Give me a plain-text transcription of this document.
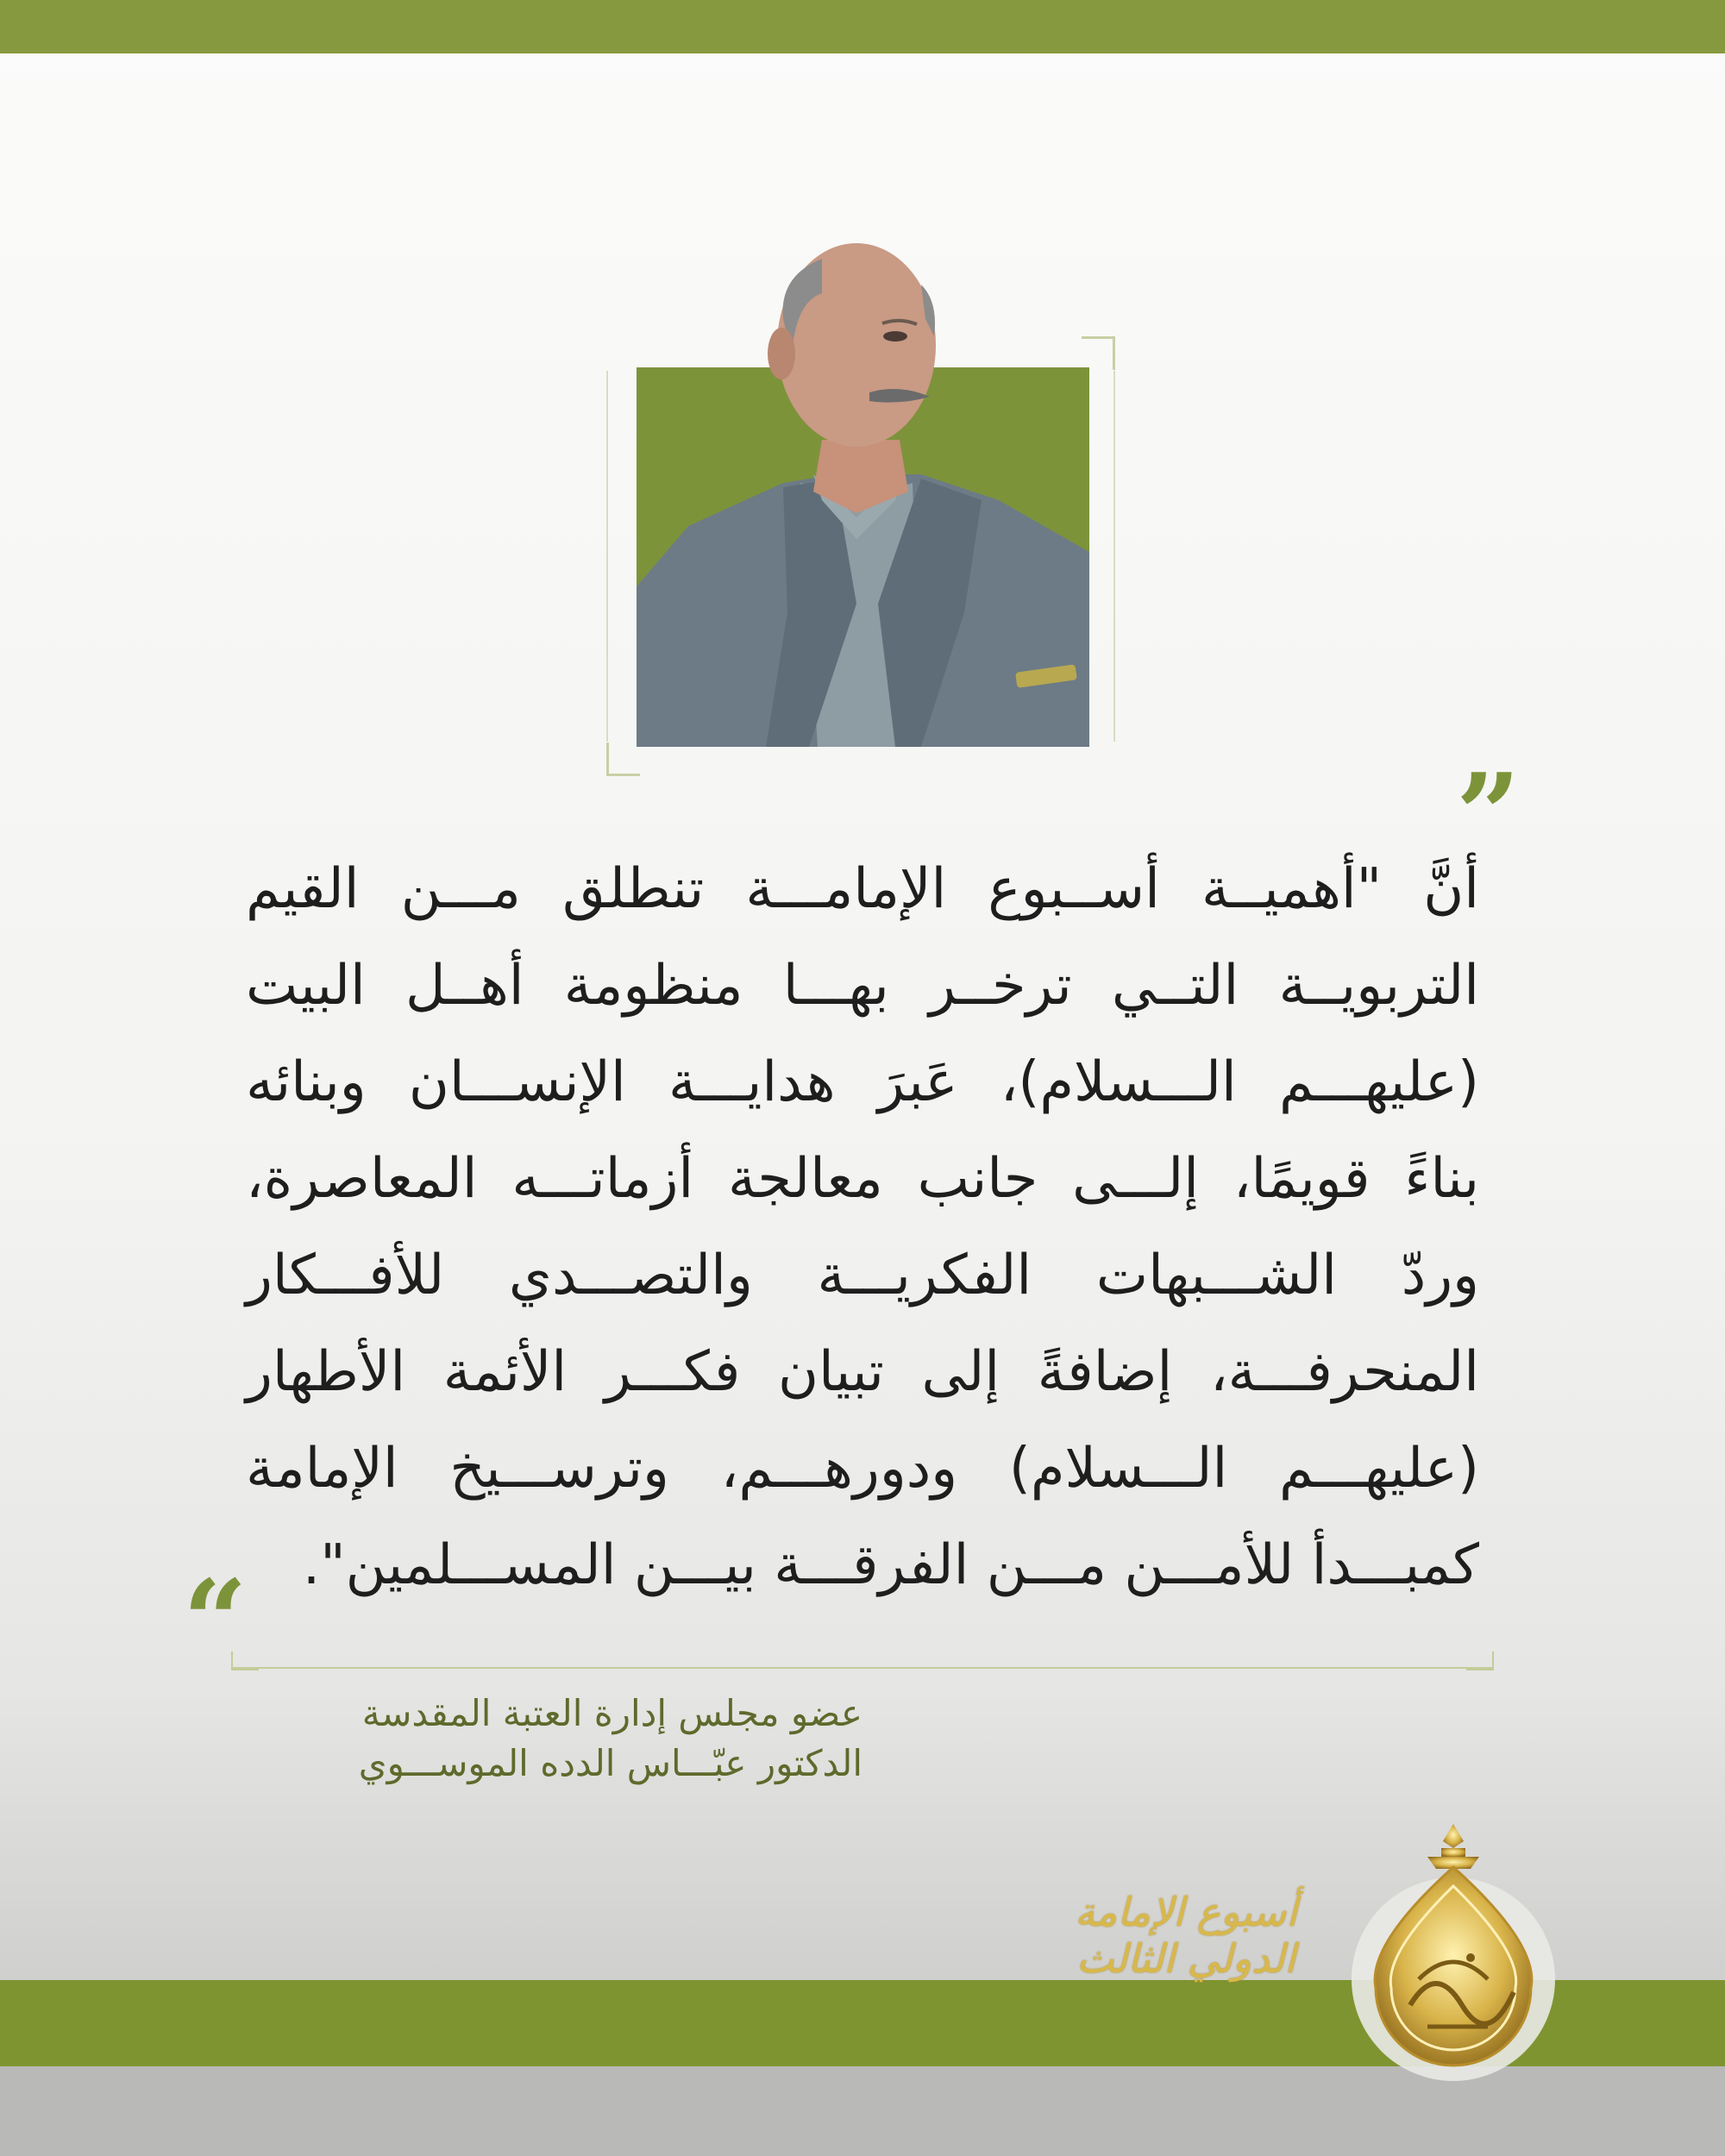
”
أنَّ "أهميــة أســبوع الإمامـــة تنطلق مـــن القيم
التربويــة التــي ترخــر بهـــا منظومة أهــل البيت
(عليهـــم الـــسلام)، عَبرَ هدايـــة الإنســـان وبنائه
بناءً قويمًا، إلـــى جانب معالجة أزماتـــه المعاصرة،
وردّ الشـــبهات الفكريـــة والتصـــدي للأفـــكار
المنحرفـــة، إضافةً إلى تبيان فكـــر الأئمة الأطهار
(عليهـــم الـــسلام) ودورهـــم، وترســـيخ الإمامة
كمبـــدأ للأمـــن مـــن الفرقـــة بيـــن المســـلمين".
“
عضو مجلس إدارة العتبة المقدسة
الدكتور عبّـــاس الدده الموســـوي
أسبوع الإمامة الدولي الثالث
